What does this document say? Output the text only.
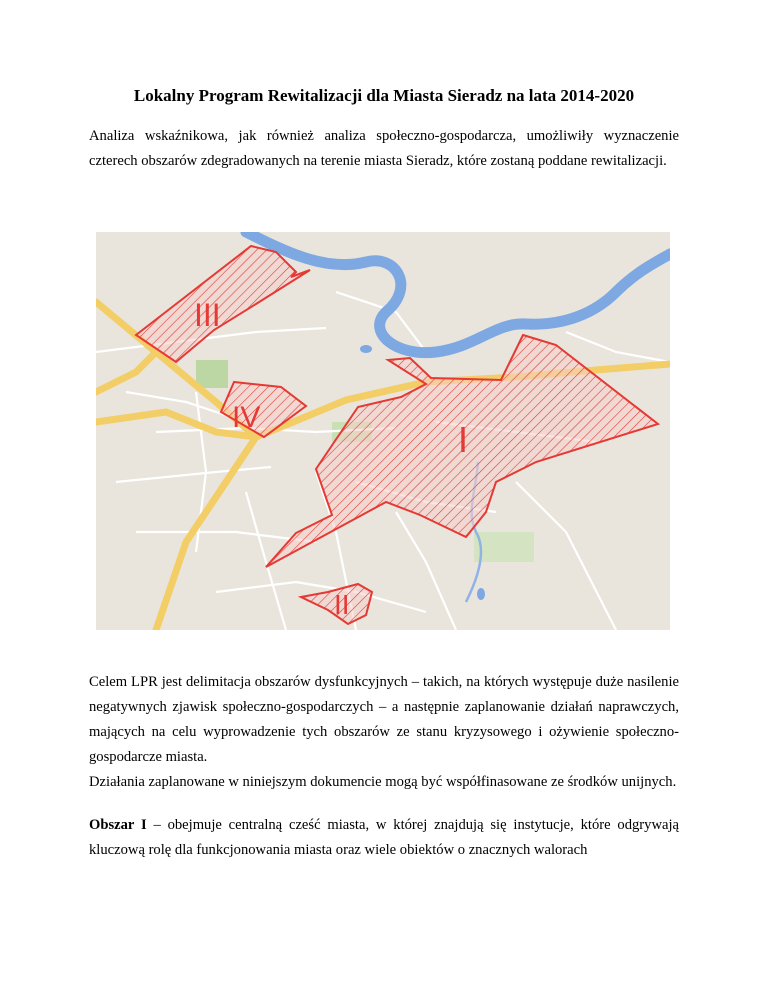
Lokalny Program Rewitalizacji dla Miasta Sieradz na lata 2014-2020
Analiza wskaźnikowa, jak również analiza społeczno-gospodarcza, umożliwiły wyznaczenie czterech obszarów zdegradowanych na terenie miasta Sieradz, które zostaną poddane rewitalizacji.
III
IV
I
II
Celem LPR jest delimitacja obszarów dysfunkcyjnych – takich, na których występuje duże nasilenie negatywnych zjawisk społeczno-gospodarczych – a następnie zaplanowanie działań naprawczych, mających na celu wyprowadzenie tych obszarów ze stanu kryzysowego i ożywienie społeczno-gospodarcze miasta.
Działania zaplanowane w niniejszym dokumencie mogą być współfinasowane ze środków unijnych.
Obszar I – obejmuje centralną cześć miasta, w której znajdują się instytucje, które odgrywają kluczową rolę dla funkcjonowania miasta oraz wiele obiektów o znacznych walorach
